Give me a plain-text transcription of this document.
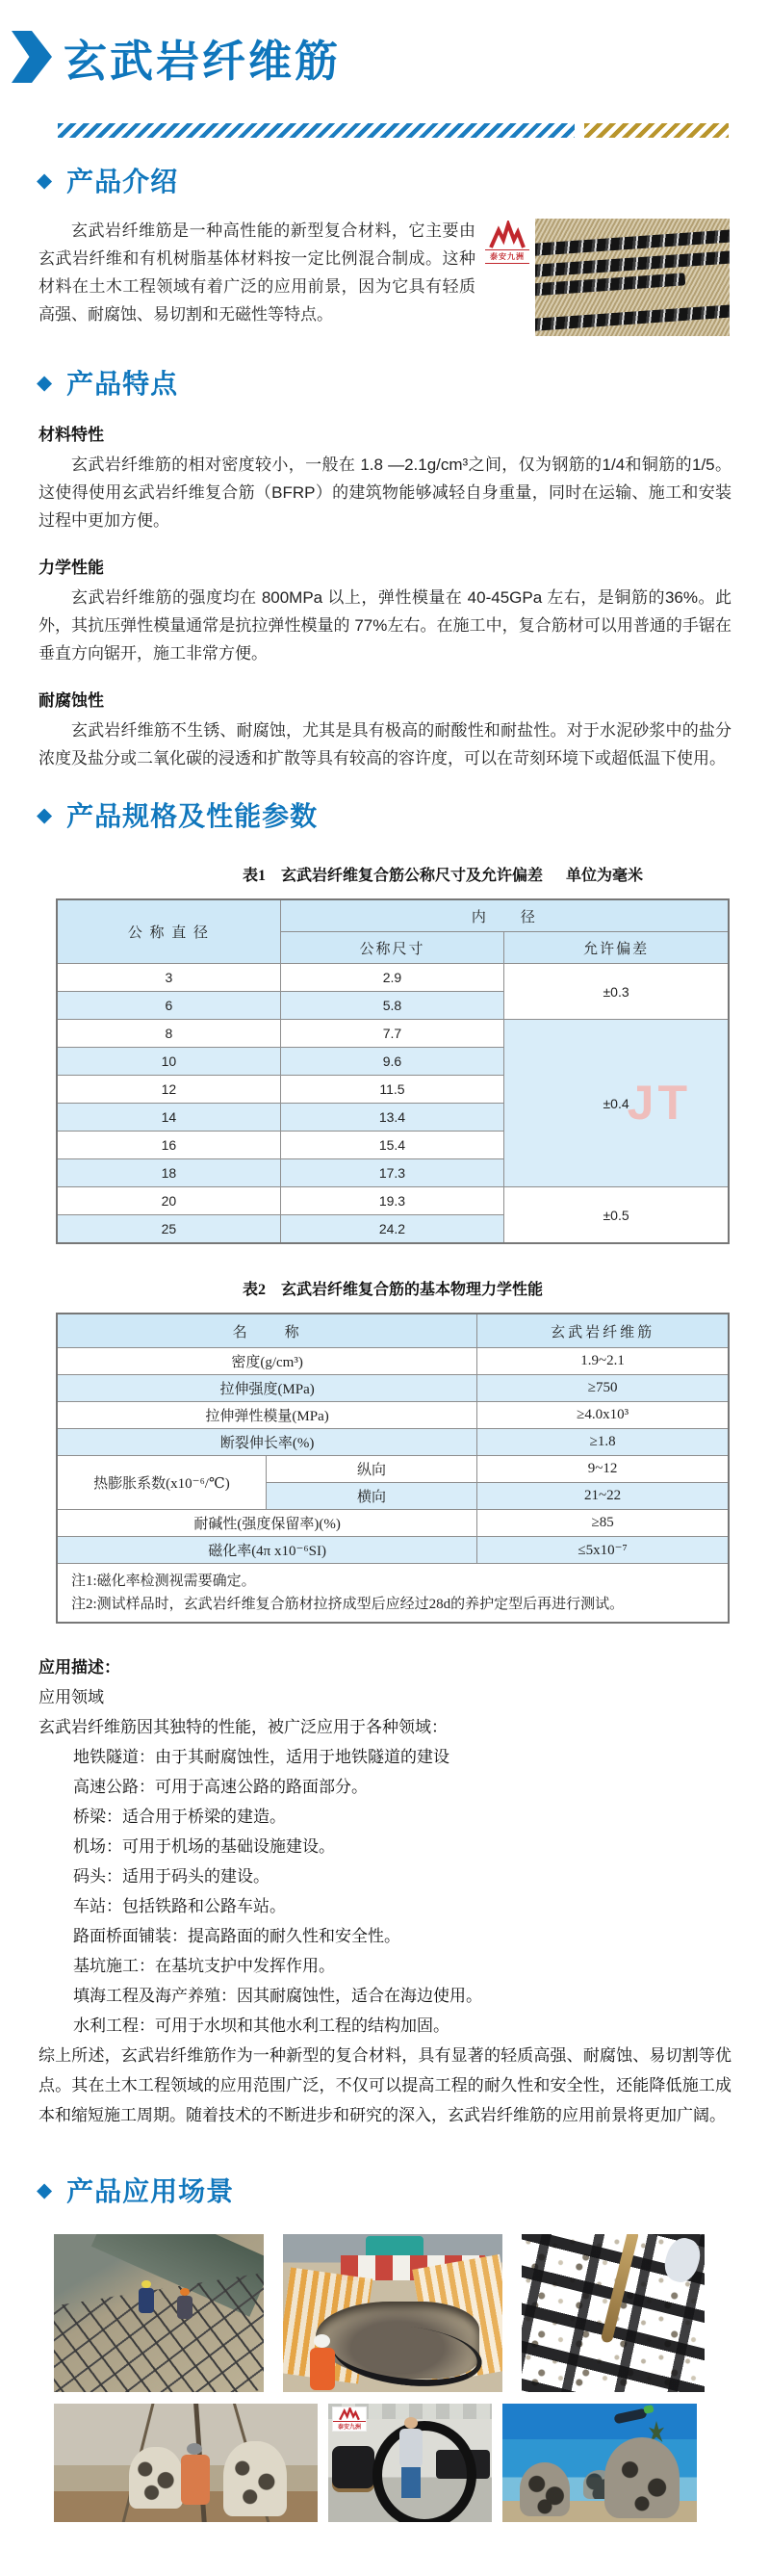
玄武岩纤维筋
◆ 产品介绍
泰安九洲
玄武岩纤维筋是一种高性能的新型复合材料，它主要由玄武岩纤维和有机树脂基体材料按一定比例混合制成。这种材料在土木工程领域有着广泛的应用前景，因为它具有轻质高强、耐腐蚀、易切割和无磁性等特点。
◆ 产品特点
材料特性
玄武岩纤维筋的相对密度较小，一般在 1.8 —2.1g/cm³之间，仅为钢筋的1/4和铜筋的1/5。这使得使用玄武岩纤维复合筋（BFRP）的建筑物能够减轻自身重量，同时在运输、施工和安装过程中更加方便。
力学性能
玄武岩纤维筋的强度均在 800MPa 以上，弹性模量在 40-45GPa 左右，是铜筋的36%。此外，其抗压弹性模量通常是抗拉弹性模量的 77%左右。在施工中，复合筋材可以用普通的手锯在垂直方向锯开，施工非常方便。
耐腐蚀性
玄武岩纤维筋不生锈、耐腐蚀，尤其是具有极高的耐酸性和耐盐性。对于水泥砂浆中的盐分浓度及盐分或二氧化碳的浸透和扩散等具有较高的容许度，可以在苛刻环境下或超低温下使用。
◆ 产品规格及性能参数
表1　玄武岩纤维复合筋公称尺寸及允许偏差 单位为毫米
公 称 直 径	内　　径	
	公称尺寸	允许偏差
3	2.9	±0.3
6	5.8	
8	7.7	±0.4
JT

10	9.6	
12	11.5	
14	13.4	
16	15.4	
18	17.3	
20	19.3	±0.5
25	24.2	
表2　玄武岩纤维复合筋的基本物理力学性能
名　　称		玄武岩纤维筋
密度(g/cm³)		1.9~2.1
拉伸强度(MPa)		≥750
拉伸弹性模量(MPa)		≥4.0x10³
断裂伸长率(%)		≥1.8
热膨胀系数(x10⁻⁶/℃)	纵向	9~12
	横向	21~22
耐碱性(强度保留率)(%)		≥85
磁化率(4π x10⁻⁶SI)		≤5x10⁻⁷

注1:磁化率检测视需要确定。
注2:测试样品时，玄武岩纤维复合筋材拉挤成型后应经过28d的养护定型后再进行测试。		
应用描述：
应用领域
玄武岩纤维筋因其独特的性能，被广泛应用于各种领域：
地铁隧道：由于其耐腐蚀性，适用于地铁隧道的建设
高速公路：可用于高速公路的路面部分。
桥梁：适合用于桥梁的建造。
机场：可用于机场的基础设施建设。
码头：适用于码头的建设。
车站：包括铁路和公路车站。
路面桥面铺装：提高路面的耐久性和安全性。
基坑施工：在基坑支护中发挥作用。
填海工程及海产养殖：因其耐腐蚀性，适合在海边使用。
水利工程：可用于水坝和其他水利工程的结构加固。
综上所述，玄武岩纤维筋作为一种新型的复合材料，具有显著的轻质高强、耐腐蚀、易切割等优点。其在土木工程领域的应用范围广泛，不仅可以提高工程的耐久性和安全性，还能降低施工成本和缩短施工周期。随着技术的不断进步和研究的深入，玄武岩纤维筋的应用前景将更加广阔。
◆ 产品应用场景
泰安九洲
